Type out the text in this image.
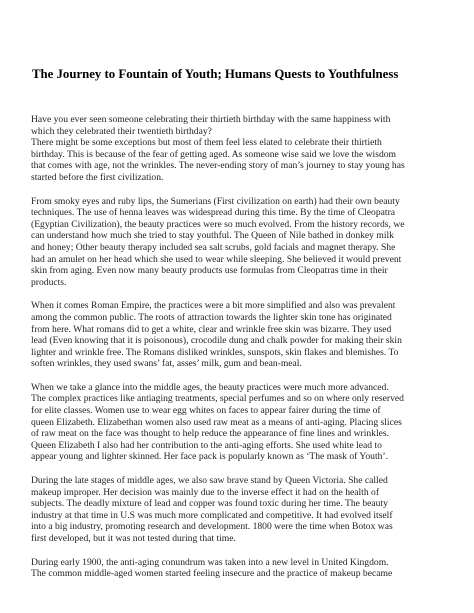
The Journey to Fountain of Youth; Humans Quests to Youthfulness

Have you ever seen someone celebrating their thirtieth birthday with the same happiness with
which they celebrated their twentieth birthday?
There might be some exceptions but most of them feel less elated to celebrate their thirtieth
birthday. This is because of the fear of getting aged. As someone wise said we love the wisdom
that comes with age, not the wrinkles. The never-ending story of man’s journey to stay young has
started before the first civilization.

From smoky eyes and ruby lips, the Sumerians (First civilization on earth) had their own beauty
techniques. The use of henna leaves was widespread during this time. By the time of Cleopatra
(Egyptian Civilization), the beauty practices were so much evolved. From the history records, we
can understand how much she tried to stay youthful. The Queen of Nile bathed in donkey milk
and honey; Other beauty therapy included sea salt scrubs, gold facials and magnet therapy. She
had an amulet on her head which she used to wear while sleeping. She believed it would prevent
skin from aging. Even now many beauty products use formulas from Cleopatras time in their
products.

When it comes Roman Empire, the practices were a bit more simplified and also was prevalent
among the common public. The roots of attraction towards the lighter skin tone has originated
from here. What romans did to get a white, clear and wrinkle free skin was bizarre. They used
lead (Even knowing that it is poisonous), crocodile dung and chalk powder for making their skin
lighter and wrinkle free. The Romans disliked wrinkles, sunspots, skin flakes and blemishes. To
soften wrinkles, they used swans’ fat, asses’ milk, gum and bean-meal.

When we take a glance into the middle ages, the beauty practices were much more advanced.
The complex practices like antiaging treatments, special perfumes and so on where only reserved
for elite classes. Women use to wear egg whites on faces to appear fairer during the time of
queen Elizabeth. Elizabethan women also used raw meat as a means of anti-aging. Placing slices
of raw meat on the face was thought to help reduce the appearance of fine lines and wrinkles.
Queen Elizabeth I also had her contribution to the anti-aging efforts. She used white lead to
appear young and lighter skinned. Her face pack is popularly known as ‘The mask of Youth’.

During the late stages of middle ages, we also saw brave stand by Queen Victoria. She called
makeup improper. Her decision was mainly due to the inverse effect it had on the health of
subjects. The deadly mixture of lead and copper was found toxic during her time. The beauty
industry at that time in U.S was much more complicated and competitive. It had evolved itself
into a big industry, promoting research and development. 1800 were the time when Botox was
first developed, but it was not tested during that time.

During early 1900, the anti-aging conundrum was taken into a new level in United Kingdom.
The common middle-aged women started feeling insecure and the practice of makeup became
